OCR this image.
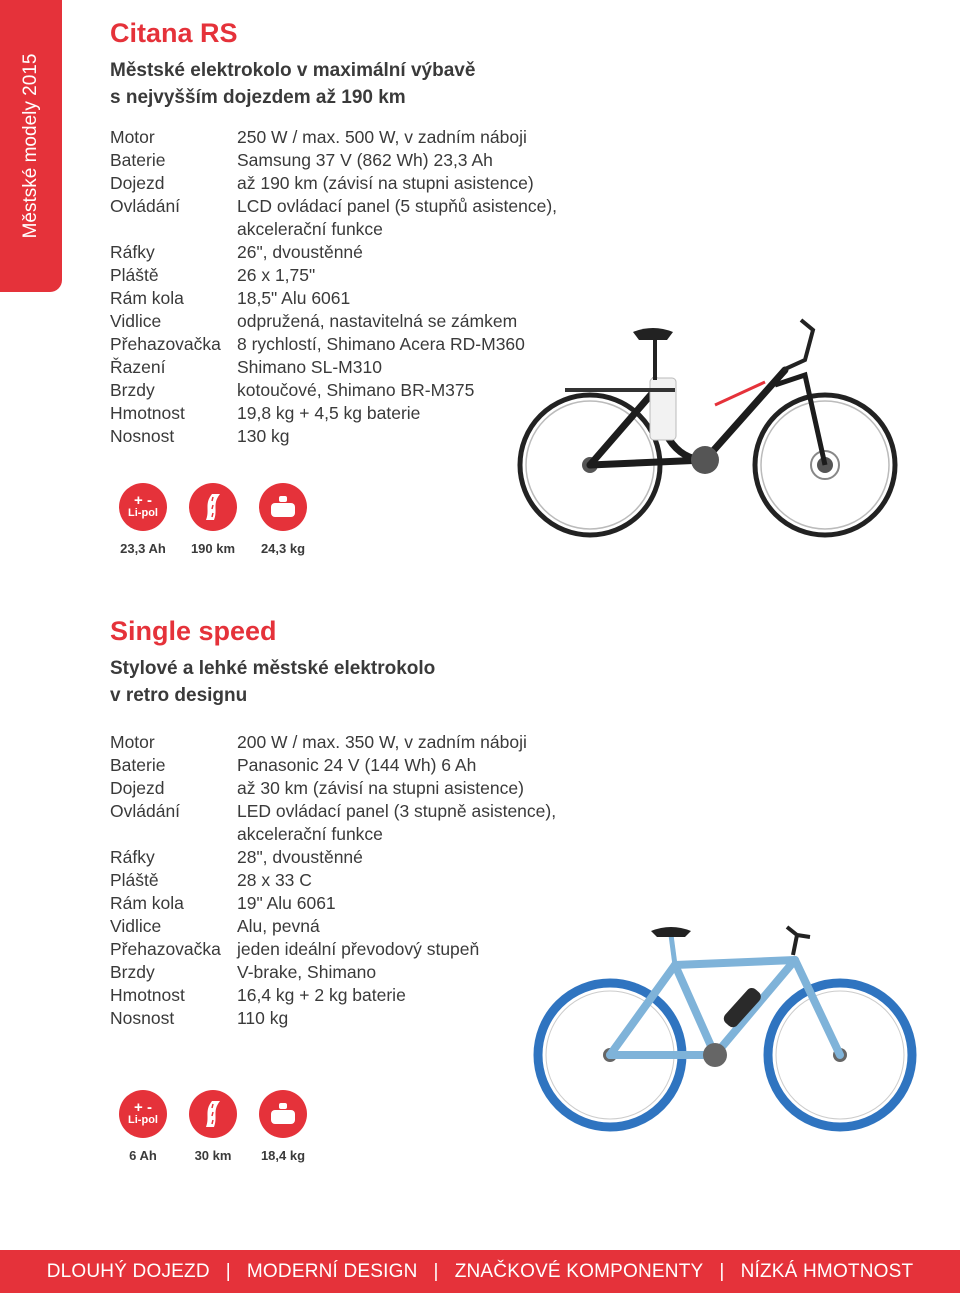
Městské modely 2015
Citana RS
Městské elektrokolo v maximální výbavě
s nejvyšším dojezdem až 190 km
Motor	250 W / max. 500 W, v zadním náboji
Baterie	Samsung 37 V (862 Wh) 23,3 Ah
Dojezd	až 190 km (závisí na stupni asistence)
Ovládání	LCD ovládací panel (5 stupňů asistence),
akcelerační funkce
Ráfky	26", dvoustěnné
Pláště	26 x 1,75"
Rám kola	18,5" Alu 6061
Vidlice	odpružená, nastavitelná se zámkem
Přehazovačka 8 rychlostí, Shimano Acera RD-M360
Řazení	Shimano SL-M310
Brzdy	kotoučové, Shimano BR-M375
Hmotnost	19,8 kg + 4,5 kg baterie
Nosnost	130 kg
+ -
Li-pol
23,3 Ah 190 km 24,3 kg
Single speed
Stylové a lehké městské elektrokolo
v retro designu
Motor	200 W / max. 350 W, v zadním náboji
Baterie	Panasonic 24 V (144 Wh) 6 Ah
Dojezd	až 30 km (závisí na stupni asistence)
Ovládání	LED ovládací panel (3 stupně asistence),
akcelerační funkce
Ráfky	28", dvoustěnné
Pláště	28 x 33 C
Rám kola	19" Alu 6061
Vidlice	Alu, pevná
Přehazovačka jeden ideální převodový stupeň
Brzdy	V-brake, Shimano
Hmotnost	16,4 kg + 2 kg baterie
Nosnost	110 kg
+ -
Li-pol
6 Ah	30 km 18,4 kg
DLOUHÝ DOJEZD | MODERNÍ DESIGN | ZNAČKOVÉ KOMPONENTY | NÍZKÁ HMOTNOST
